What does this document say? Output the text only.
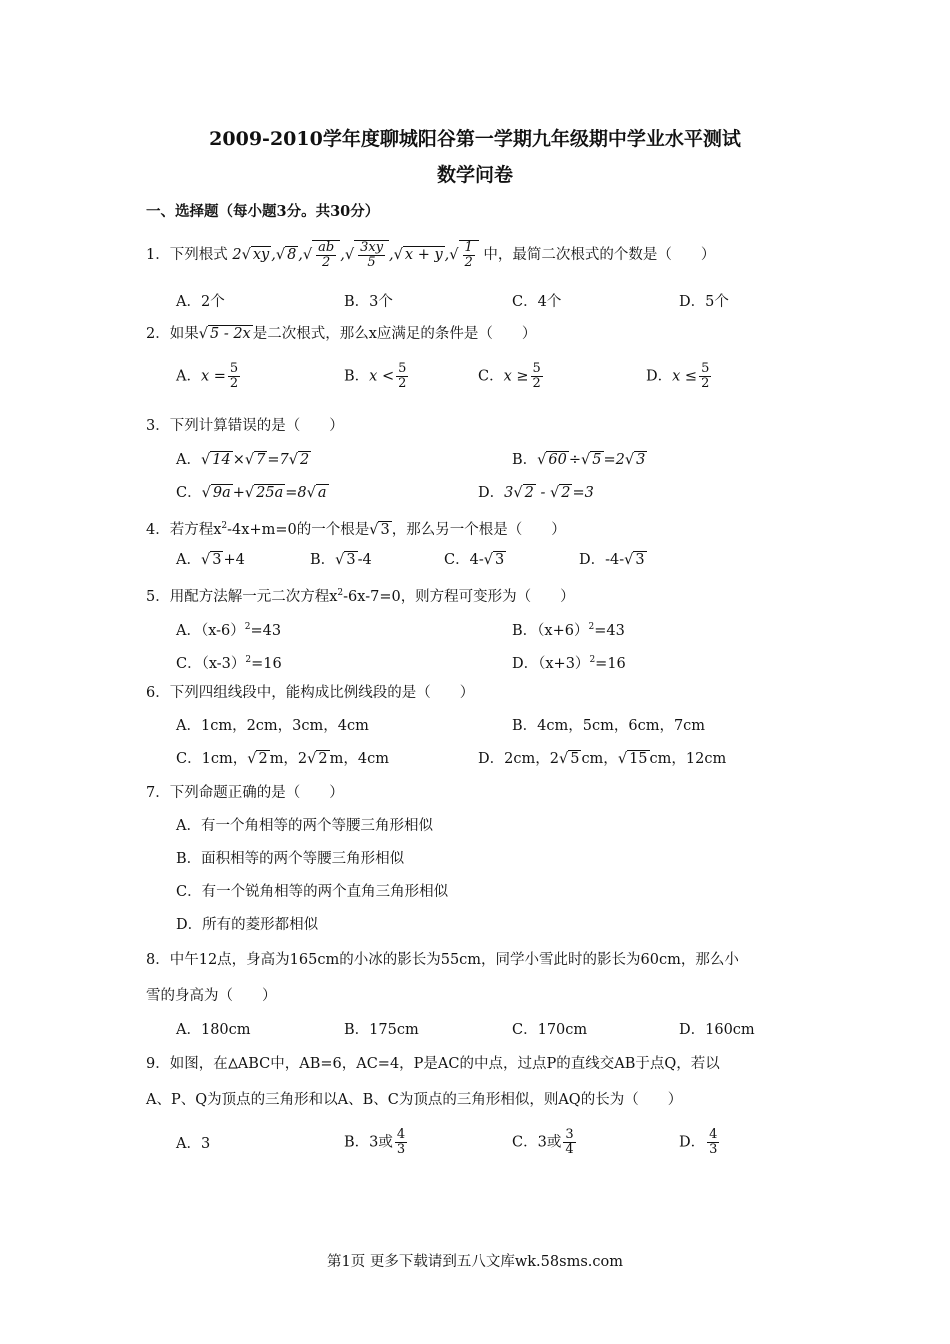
2009-2010学年度聊城阳谷第一学期九年级期中学业水平测试
数学问卷
一、选择题（每小题3分。共30分）
1．下列根式 2√ xy ,√ 8 ,√ $\frac{ab}{2}$ ,√ $\frac{3xy}{5}$ ,√ x + y ,√ $\frac{1}{2}$ 中，最简二次根式的个数是（　　）
A．2个	B．3个	C．4个	D．5个
2．如果√ 5 - 2x 是二次根式，那么x应满足的条件是（　　）
A．$x = \frac{5}{2}$	B．$x < \frac{5}{2}$	C．$x \ge \frac{5}{2}$	D．$x \le \frac{5}{2}$
3．下列计算错误的是（　　）
A．√ 14 ×√ 7 =7√ 2	B．√ 60 ÷√ 5 =2√ 3
C．√ 9a +√ 25a =8√ a	D．3√ 2 - √ 2 =3
4．若方程$x^2-4x+m=0$的一个根是√ 3 ，那么另一个根是（　　）
A．√ 3 +4	B．√ 3 -4	C．4-√ 3	D．-4-√ 3
5．用配方法解一元二次方程$x^2-6x-7=0$，则方程可变形为（　　）
A．$(x-6)^2=43$	B．$(x+6)^2=43$
C．$(x-3)^2=16$	D．$(x+3)^2=16$
6．下列四组线段中，能构成比例线段的是（　　）
A．1cm，2cm，3cm，4cm	B．4cm，5cm，6cm，7cm
C．1cm，√ 2 m，2√ 2 m，4cm	D．2cm，2√ 5 cm，√ 15 cm，12cm
7．下列命题正确的是（　　）
A．有一个角相等的两个等腰三角形相似
B．面积相等的两个等腰三角形相似
C．有一个锐角相等的两个直角三角形相似
D．所有的菱形都相似
8．中午12点，身高为165cm的小冰的影长为55cm，同学小雪此时的影长为60cm，那么小
雪的身高为（　　）
A．180cm	B．175cm	C．170cm	D．160cm
9．如图，在 ABC中，AB=6，AC=4，P是AC的中点，过点P的直线交AB于点Q，若以
A、P、Q为顶点的三角形和以A、B、C为顶点的三角形相似，则AQ的长为（　　）
A．3	B．3或 $\frac{4}{3}$	C．3或 $\frac{3}{4}$	D． $\frac{4}{3}$
第1页 更多下载请到五八文库wk.58sms.com
